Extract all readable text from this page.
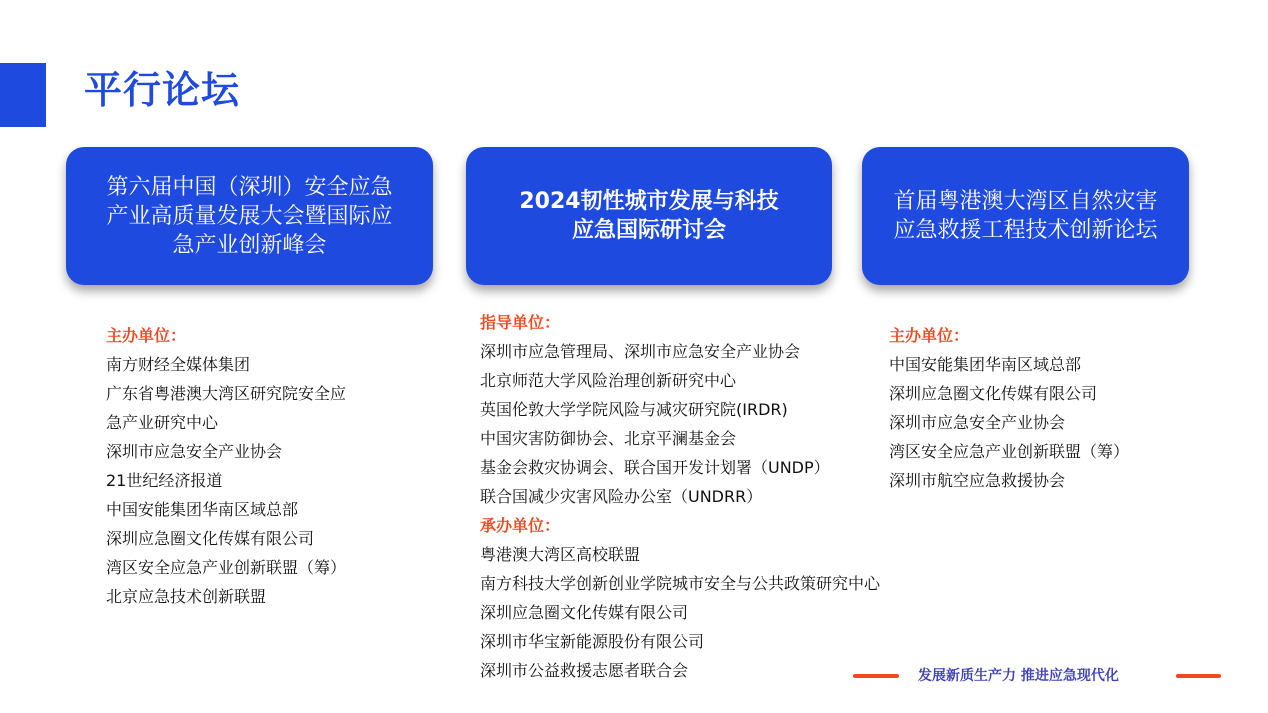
平行论坛
第六届中国（深圳）安全应急
产业高质量发展大会暨国际应
急产业创新峰会
2024韧性城市发展与科技
应急国际研讨会
首届粤港澳大湾区自然灾害
应急救援工程技术创新论坛
主办单位：
南方财经全媒体集团
广东省粤港澳大湾区研究院安全应
急产业研究中心
深圳市应急安全产业协会
21世纪经济报道
中国安能集团华南区域总部
深圳应急圈文化传媒有限公司
湾区安全应急产业创新联盟（筹）
北京应急技术创新联盟
指导单位：
深圳市应急管理局、深圳市应急安全产业协会
北京师范大学风险治理创新研究中心
英国伦敦大学学院风险与减灾研究院(IRDR)
中国灾害防御协会、北京平澜基金会
基金会救灾协调会、联合国开发计划署（UNDP）
联合国减少灾害风险办公室（UNDRR）
承办单位：
粤港澳大湾区高校联盟
南方科技大学创新创业学院城市安全与公共政策研究中心
深圳应急圈文化传媒有限公司
深圳市华宝新能源股份有限公司
深圳市公益救援志愿者联合会
主办单位：
中国安能集团华南区域总部
深圳应急圈文化传媒有限公司
深圳市应急安全产业协会
湾区安全应急产业创新联盟（筹）
深圳市航空应急救援协会
发展新质生产力 推进应急现代化
